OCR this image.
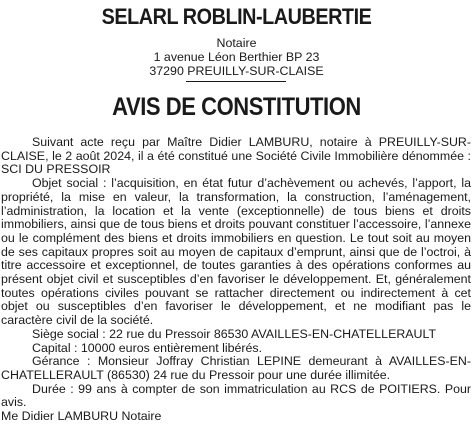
SELARL ROBLIN-LAUBERTIE
Notaire
1 avenue Léon Berthier BP 23
37290 PREUILLY-SUR-CLAISE
AVIS DE CONSTITUTION

Suivant acte reçu par Maître Didier LAMBURU, notaire à PREUILLY-SUR-CLAISE, le 2 août 2024, il a été constitué une Société Civile Immobilière dénommée : SCI DU PRESSOIR

Objet social : l’acquisition, en état futur d’achèvement ou achevés, l’apport, la propriété, la mise en valeur, la transformation, la construction, l’aménagement, l’administration, la location et la vente (exceptionnelle) de tous biens et droits immobiliers, ainsi que de tous biens et droits pouvant constituer l’accessoire, l’annexe ou le complément des biens et droits immobiliers en question. Le tout soit au moyen de ses capitaux propres soit au moyen de capitaux d’emprunt, ainsi que de l’octroi, à titre accessoire et exceptionnel, de toutes garanties à des opérations conformes au présent objet civil et susceptibles d’en favoriser le développement. Et, généralement toutes opérations civiles pouvant se rattacher directement ou indirectement à cet objet ou susceptibles d’en favoriser le développement, et ne modifiant pas le caractère civil de la société.

Siège social : 22 rue du Pressoir 86530 AVAILLES-EN-CHATELLERAULT

Capital : 10000 euros entièrement libérés.

Gérance : Monsieur Joffray Christian LEPINE demeurant à AVAILLES-EN-CHATELLERAULT (86530) 24 rue du Pressoir pour une durée illimitée.

Durée : 99 ans à compter de son immatriculation au RCS de POITIERS. Pour avis.

Me Didier LAMBURU Notaire
